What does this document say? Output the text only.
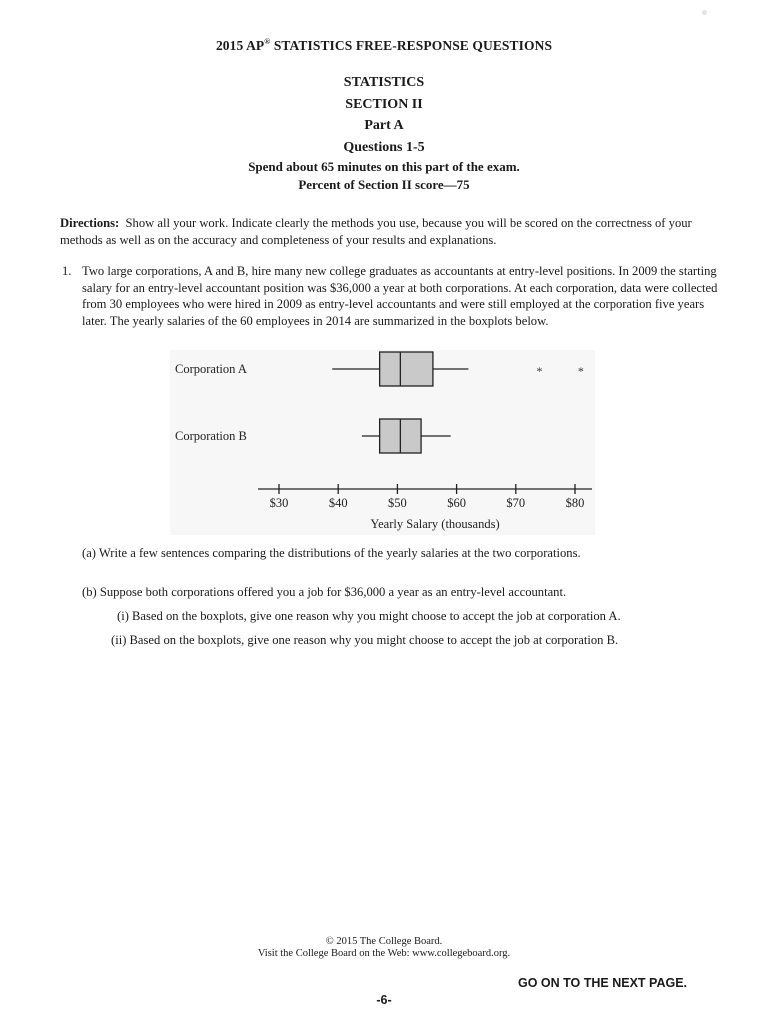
2015 AP® STATISTICS FREE-RESPONSE QUESTIONS
STATISTICS
SECTION II
Part A
Questions 1-5
Spend about 65 minutes on this part of the exam.
Percent of Section II score—75
Directions: Show all your work. Indicate clearly the methods you use, because you will be scored on the correctness of your methods as well as on the accuracy and completeness of your results and explanations.
1. Two large corporations, A and B, hire many new college graduates as accountants at entry-level positions. In 2009 the starting salary for an entry-level accountant position was $36,000 a year at both corporations. At each corporation, data were collected from 30 employees who were hired in 2009 as entry-level accountants and were still employed at the corporation five years later. The yearly salaries of the 60 employees in 2014 are summarized in the boxplots below.
Corporation A
Corporation B
*	*
$30	$40	$50	$60	$70	$80
Yearly Salary (thousands)
(a) Write a few sentences comparing the distributions of the yearly salaries at the two corporations.
(b) Suppose both corporations offered you a job for $36,000 a year as an entry-level accountant.
(i) Based on the boxplots, give one reason why you might choose to accept the job at corporation A.
(ii) Based on the boxplots, give one reason why you might choose to accept the job at corporation B.
© 2015 The College Board.
Visit the College Board on the Web: www.collegeboard.org.
GO ON TO THE NEXT PAGE.
-6-
